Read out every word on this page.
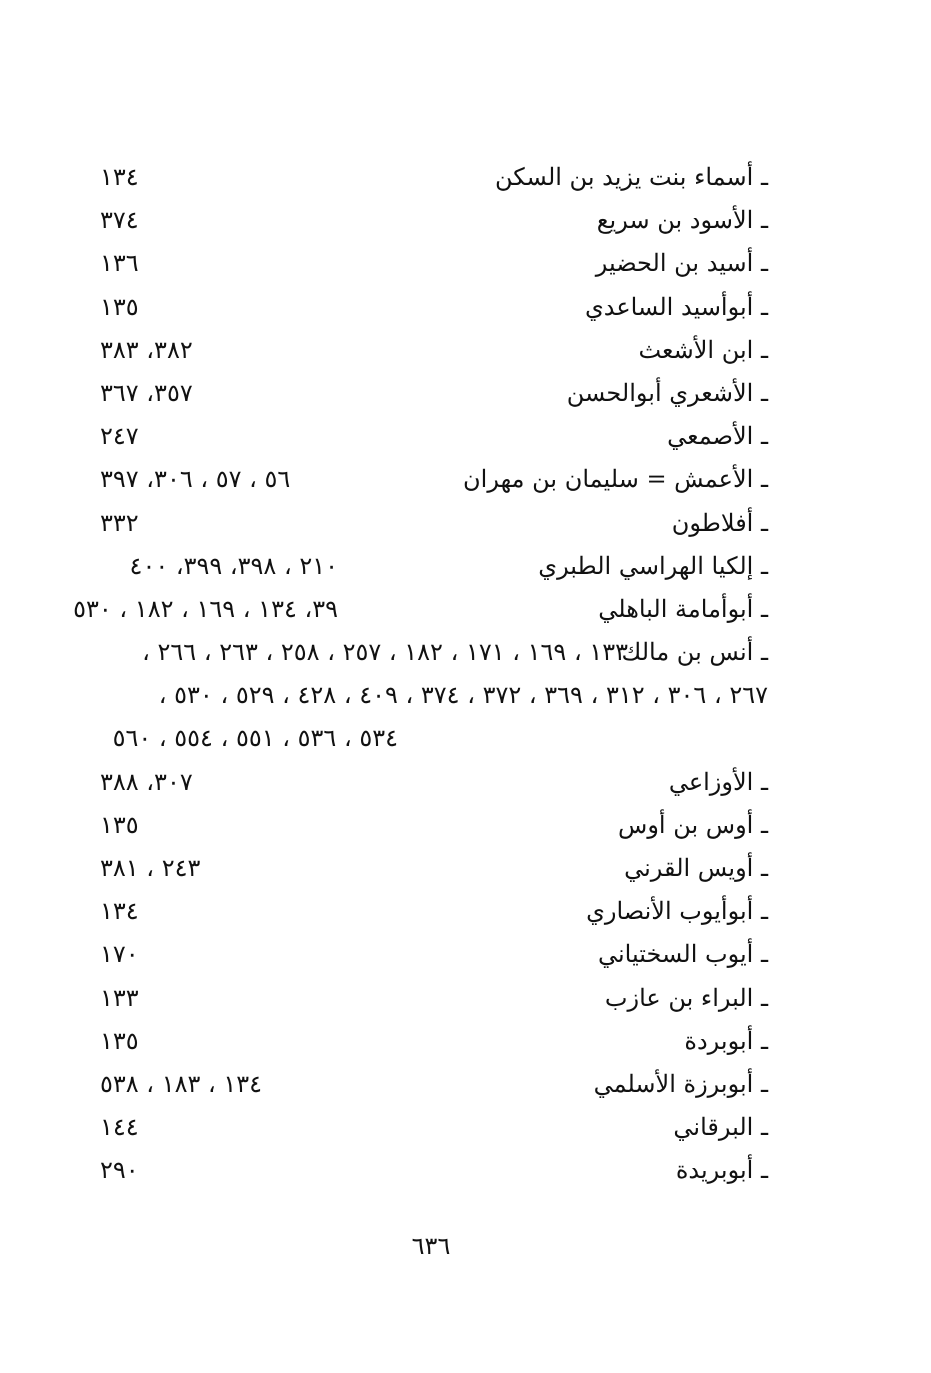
ـ أسماء بنت يزيد بن السكن
١٣٤
ـ الأسود بن سريع
٣٧٤
ـ أسيد بن الحضير
١٣٦
ـ أبوأسيد الساعدي
١٣٥
ـ ابن الأشعث
٣٨٢، ٣٨٣
ـ الأشعري أبوالحسن
٣٥٧، ٣٦٧
ـ الأصمعي
٢٤٧
ـ الأعمش = سليمان بن مهران
٥٦ ، ٥٧ ، ٣٠٦، ٣٩٧
ـ أفلاطون
٣٣٢
ـ إلكيا الهراسي الطبري
٢١٠ ، ٣٩٨، ٣٩٩، ٤٠٠
ـ أبوأمامة الباهلي
٣٩، ١٣٤ ، ١٦٩ ، ١٨٢ ، ٥٣٠
ـ أنس بن مالك
١٣٣ ، ١٦٩ ، ١٧١ ، ١٨٢ ، ٢٥٧ ، ٢٥٨ ، ٢٦٣ ، ٢٦٦ ،
٢٦٧ ، ٣٠٦ ، ٣١٢ ، ٣٦٩ ، ٣٧٢ ، ٣٧٤ ، ٤٠٩ ، ٤٢٨ ، ٥٢٩ ، ٥٣٠ ،
٥٣٤ ، ٥٣٦ ، ٥٥١ ، ٥٥٤ ، ٥٦٠
ـ الأوزاعي
٣٠٧، ٣٨٨
ـ أوس بن أوس
١٣٥
ـ أويس القرني
٢٤٣ ، ٣٨١
ـ أبوأيوب الأنصاري
١٣٤
ـ أيوب السختياني
١٧٠
ـ البراء بن عازب
١٣٣
ـ أبوبردة
١٣٥
ـ أبوبرزة الأسلمي
١٣٤ ، ١٨٣ ، ٥٣٨
ـ البرقاني
١٤٤
ـ أبوبريدة
٢٩٠
٦٣٦
